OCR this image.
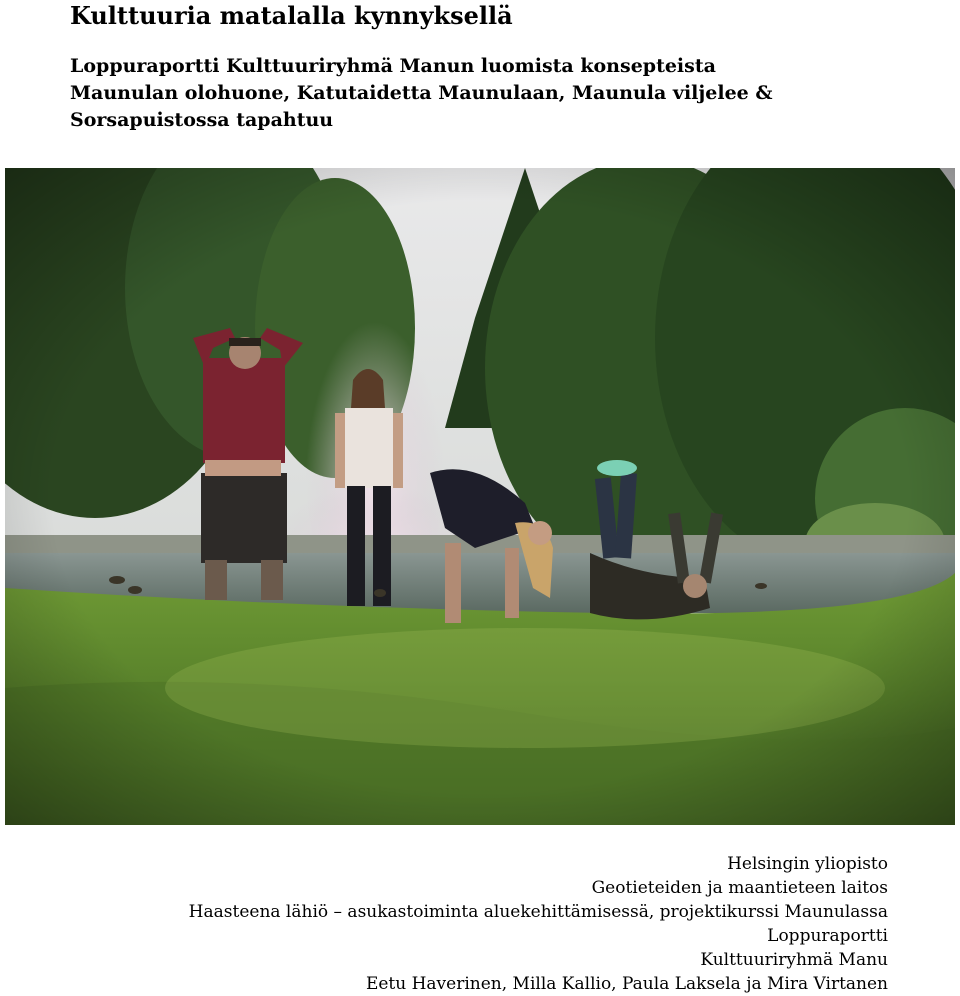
Kulttuuria matalalla kynnyksellä
Loppuraportti Kulttuuriryhmä Manun luomista konsepteista
Maunulan olohuone, Katutaidetta Maunulaan, Maunula viljelee &
Sorsapuistossa tapahtuu
Helsingin yliopisto
Geotieteiden ja maantieteen laitos
Haasteena lähiö – asukastoiminta aluekehittämisessä, projektikurssi Maunulassa
Loppuraportti
Kulttuuriryhmä Manu
Eetu Haverinen, Milla Kallio, Paula Laksela ja Mira Virtanen
